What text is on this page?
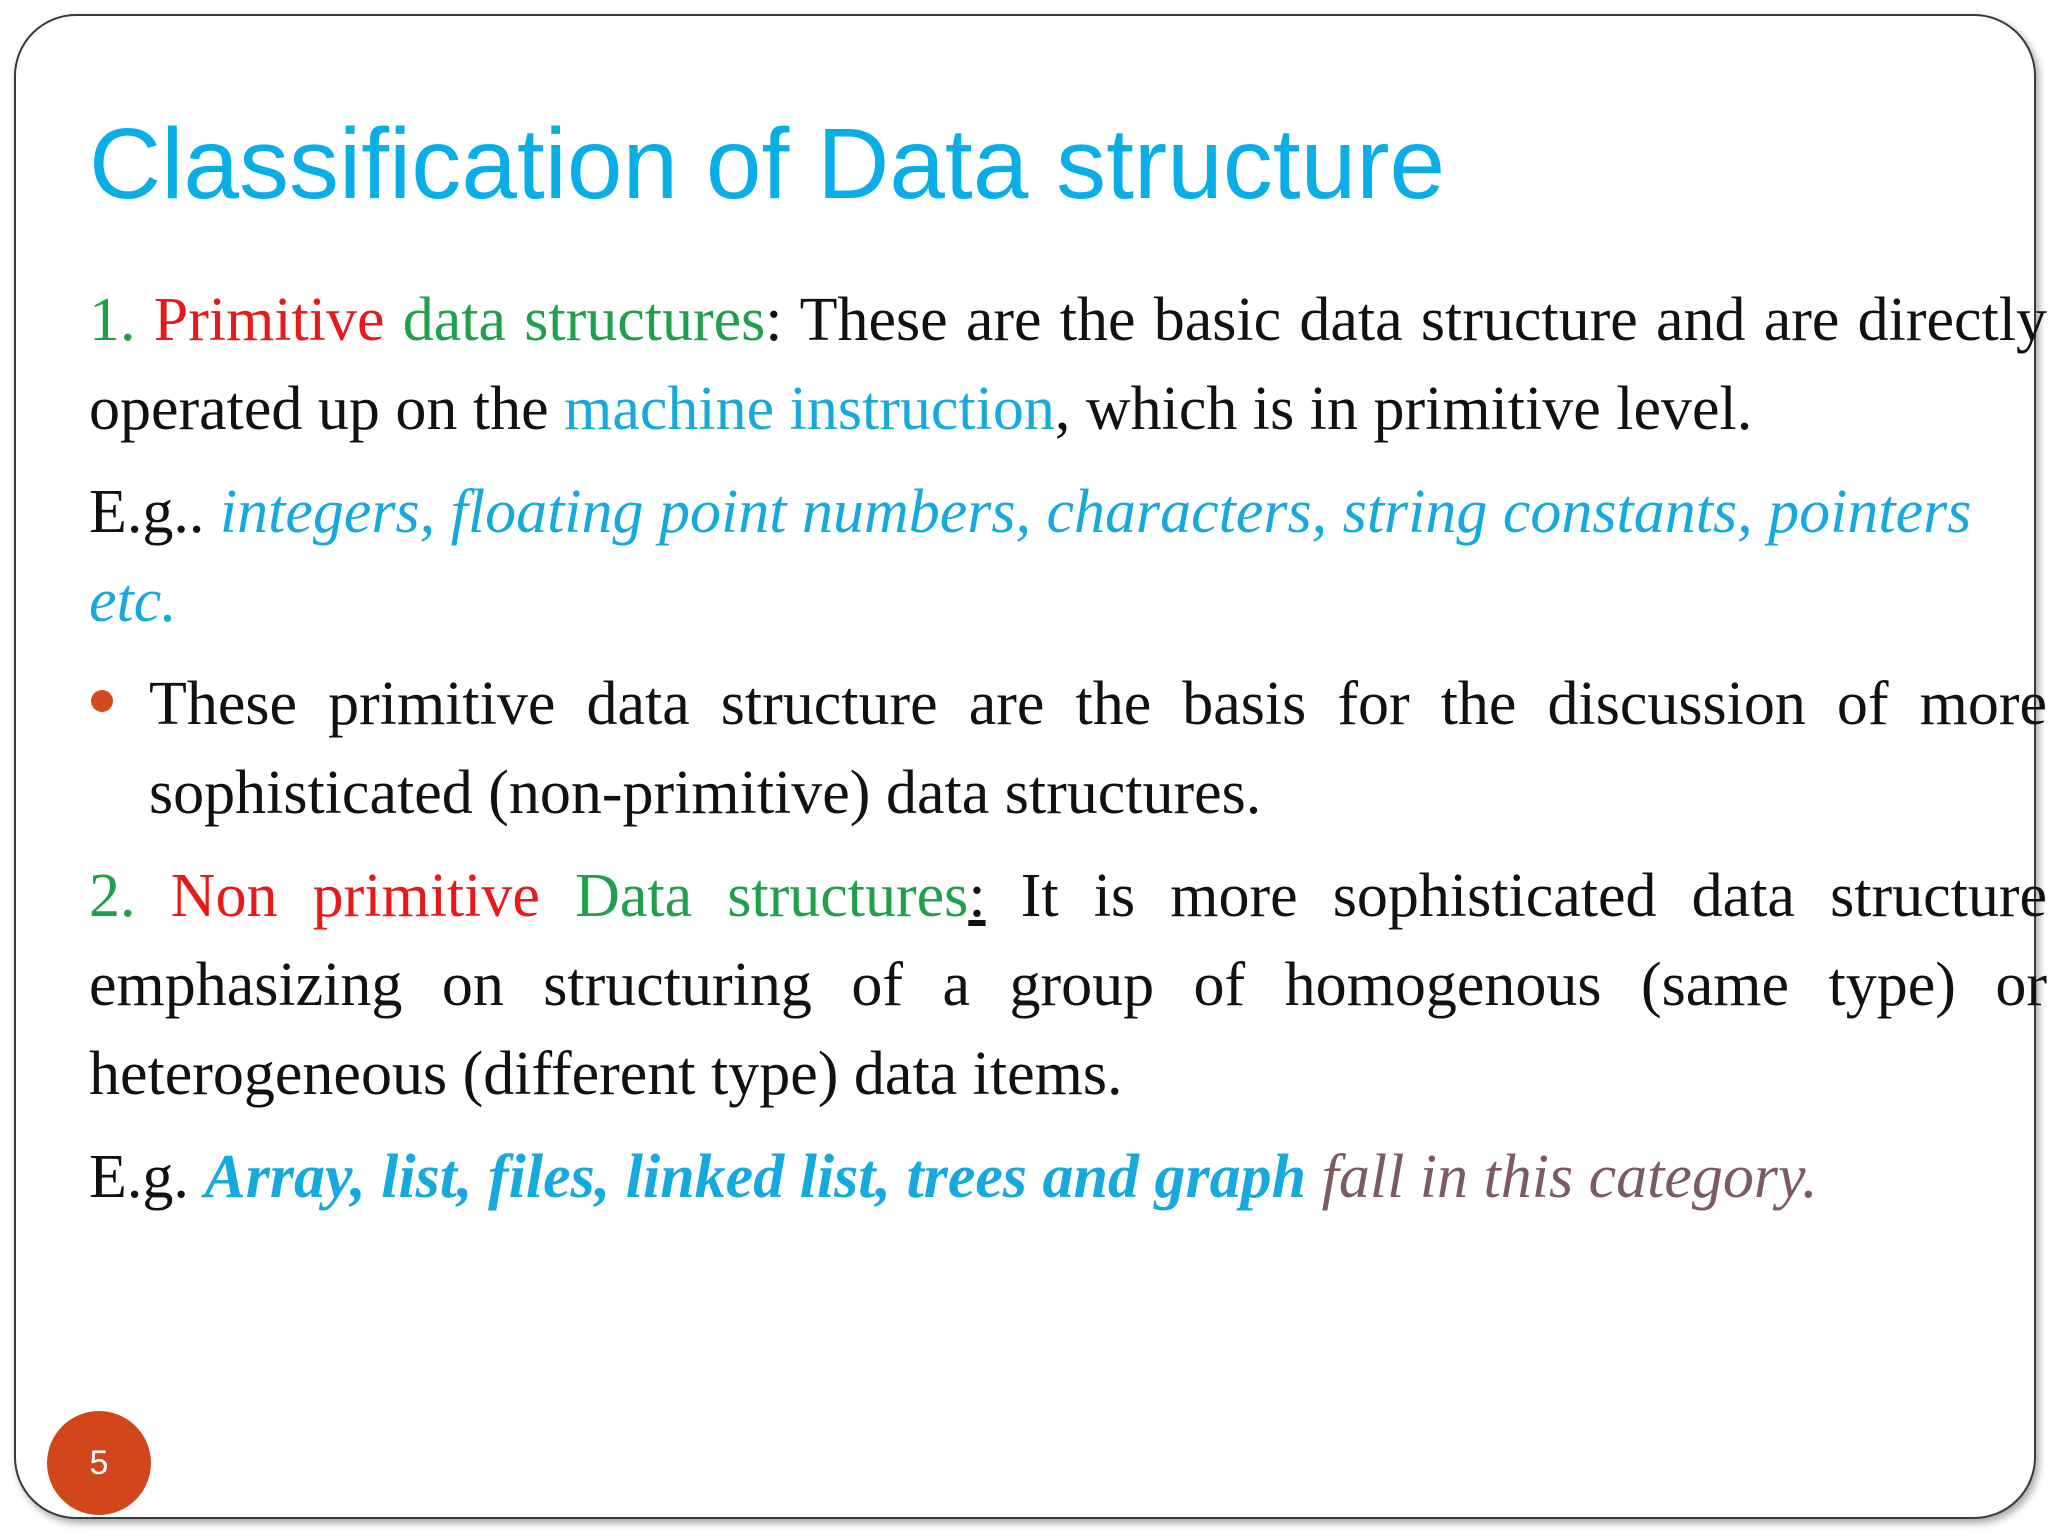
Classification of Data structure

1. Primitive data structures: These are the basic data structure and are directly operated up on the machine instruction, which is in primitive level.

E.g.. integers, floating point numbers, characters, string constants, pointers etc.

These primitive data structure are the basis for the discussion of more sophisticated (non-primitive) data structures.

2. Non primitive Data structures: It is more sophisticated data structure emphasizing on structuring of a group of homogenous (same type) or heterogeneous (different type) data items.

E.g. Array, list, files, linked list, trees and graph fall in this category.

5
